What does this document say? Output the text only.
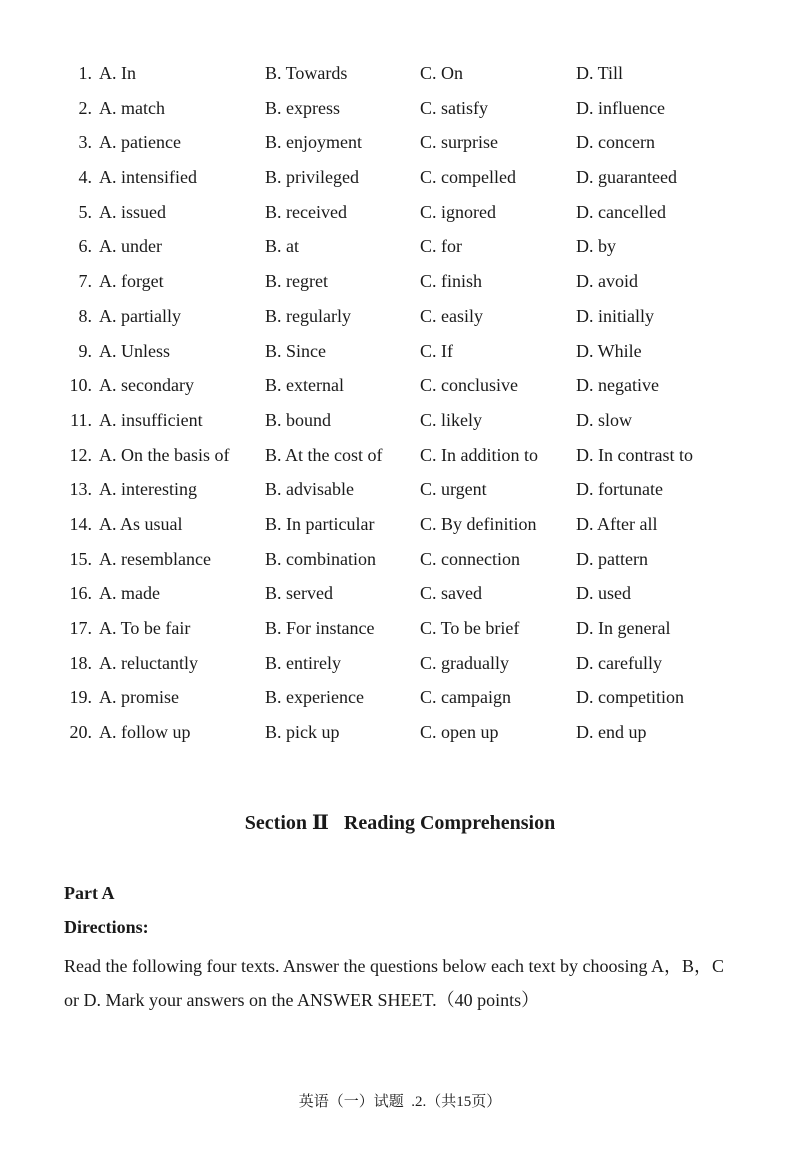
1. A. In	B. Towards	C. On	D. Till
2. A. match	B. express	C. satisfy	D. influence
3. A. patience	B. enjoyment	C. surprise	D. concern
4. A. intensified	B. privileged	C. compelled	D. guaranteed
5. A. issued	B. received	C. ignored	D. cancelled
6. A. under	B. at	C. for	D. by
7. A. forget	B. regret	C. finish	D. avoid
8. A. partially	B. regularly	C. easily	D. initially
9. A. Unless	B. Since	C. If	D. While
10. A. secondary	B. external	C. conclusive	D. negative
11. A. insufficient	B. bound	C. likely	D. slow
12. A. On the basis of B. At the cost of C. In addition to D. In contrast to
13. A. interesting	B. advisable	C. urgent	D. fortunate
14. A. As usual	B. In particular	C. By definition D. After all
15. A. resemblance	B. combination C. connection	D. pattern
16. A. made	B. served	C. saved	D. used
17. A. To be fair	B. For instance	C. To be brief	D. In general
18. A. reluctantly	B. entirely	C. gradually	D. carefully
19. A. promise	B. experience	C. campaign	D. competition
20. A. follow up	B. pick up	C. open up	D. end up
Section Ⅱ   Reading Comprehension
Part A
Directions:
Read the following four texts. Answer the questions below each text by choosing A，B，C or D. Mark your answers on the ANSWER SHEET.（40 points）
英语（一）试题  .2.（共15页）
